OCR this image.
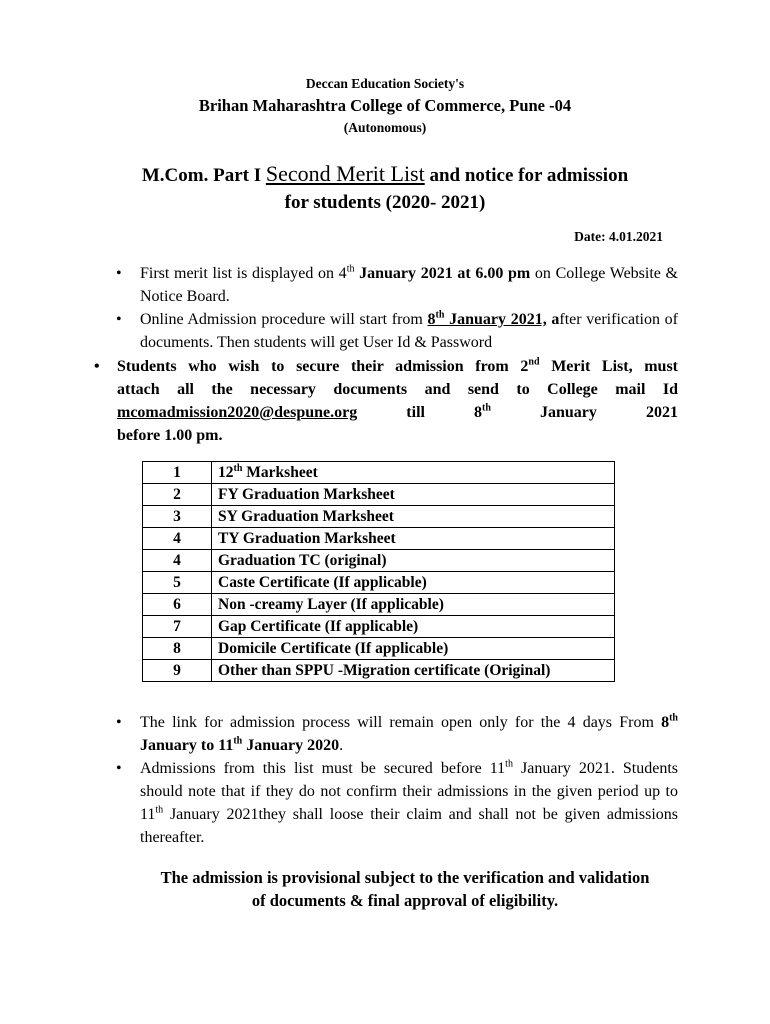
Deccan Education Society's
Brihan Maharashtra College of Commerce, Pune -04
(Autonomous)
M.Com. Part I Second Merit List and notice for admission
for students (2020- 2021)
Date: 4.01.2021
• First merit list is displayed on 4th January 2021 at 6.00 pm on College Website & Notice Board.
• Online Admission procedure will start from 8th January 2021, after verification of documents. Then students will get User Id & Password
• Students who wish to secure their admission from 2nd Merit List, must
attach all the necessary documents and send to College mail Id
mcomadmission2020@despune.org	till	8th	January	2021
before 1.00 pm.
1	12th Marksheet
2	FY Graduation Marksheet
3	SY Graduation Marksheet
4	TY Graduation Marksheet
4	Graduation TC (original)
5	Caste Certificate (If applicable)
6	Non -creamy Layer (If applicable)
7	Gap Certificate (If applicable)
8	Domicile Certificate (If applicable)
9	Other than SPPU -Migration certificate (Original)
• The link for admission process will remain open only for the 4 days From 8th January to 11th January 2020.
• Admissions from this list must be secured before 11th January 2021. Students should note that if they do not confirm their admissions in the given period up to 11th January 2021they shall loose their claim and shall not be given admissions thereafter.
The admission is provisional subject to the verification and validation
of documents & final approval of eligibility.
